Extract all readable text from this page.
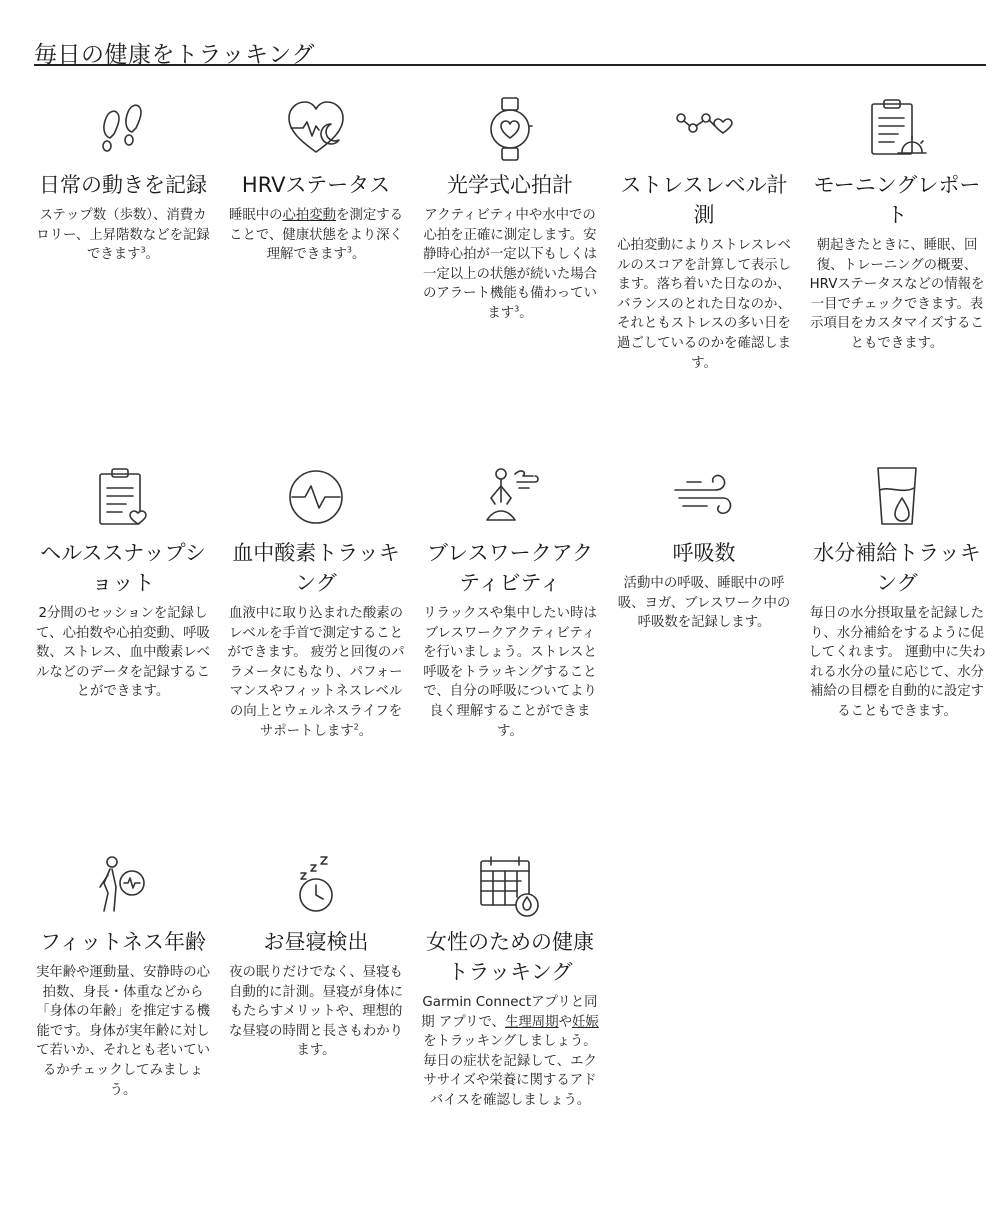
毎日の健康をトラッキング
日常の動きを記録

ステップ数（歩数）、消費カロリー、上昇階数などを記録できます$^3$。

HRVステータス

睡眠中の心拍変動を測定することで、健康状態をより深く理解できます$^3$。

光学式心拍計

アクティビティ中や水中での心拍を正確に測定します。安静時心拍が一定以下もしくは一定以上の状態が続いた場合のアラート機能も備わっています$^3$。

ストレスレベル計測

心拍変動によりストレスレベルのスコアを計算して表示します。落ち着いた日なのか、バランスのとれた日なのか、それともストレスの多い日を過ごしているのかを確認します。

モーニングレポート

朝起きたときに、睡眠、回復、トレーニングの概要、HRVステータスなどの情報を一目でチェックできます。表示項目をカスタマイズすることもできます。

ヘルススナップショット

2分間のセッションを記録して、心拍数や心拍変動、呼吸数、ストレス、血中酸素レベルなどのデータを記録することができます。

血中酸素トラッキング

血液中に取り込まれた酸素のレベルを手首で測定することができます。 疲労と回復のパラメータにもなり、パフォーマンスやフィットネスレベルの向上とウェルネスライフをサポートします$^2$。

ブレスワークアクティビティ

リラックスや集中したい時はブレスワークアクティビティを行いましょう。ストレスと呼吸をトラッキングすることで、自分の呼吸についてより良く理解することができます。

呼吸数

活動中の呼吸、睡眠中の呼吸、ヨガ、ブレスワーク中の呼吸数を記録します。

水分補給トラッキング

毎日の水分摂取量を記録したり、水分補給をするように促してくれます。 運動中に失われる水分の量に応じて、水分補給の目標を自動的に設定することもできます。

フィットネス年齢

実年齢や運動量、安静時の心拍数、身長・体重などから「身体の年齢」を推定する機能です。身体が実年齢に対して若いか、それとも老いているかチェックしてみましょう。

お昼寝検出

夜の眠りだけでなく、昼寝も自動的に計測。昼寝が身体にもたらすメリットや、理想的な昼寝の時間と長さもわかります。

女性のための健康トラッキング

Garmin Connectアプリと同期 アプリで、生理周期や妊娠をトラッキングしましょう。毎日の症状を記録して、エクササイズや栄養に関するアドバイスを確認しましょう。
